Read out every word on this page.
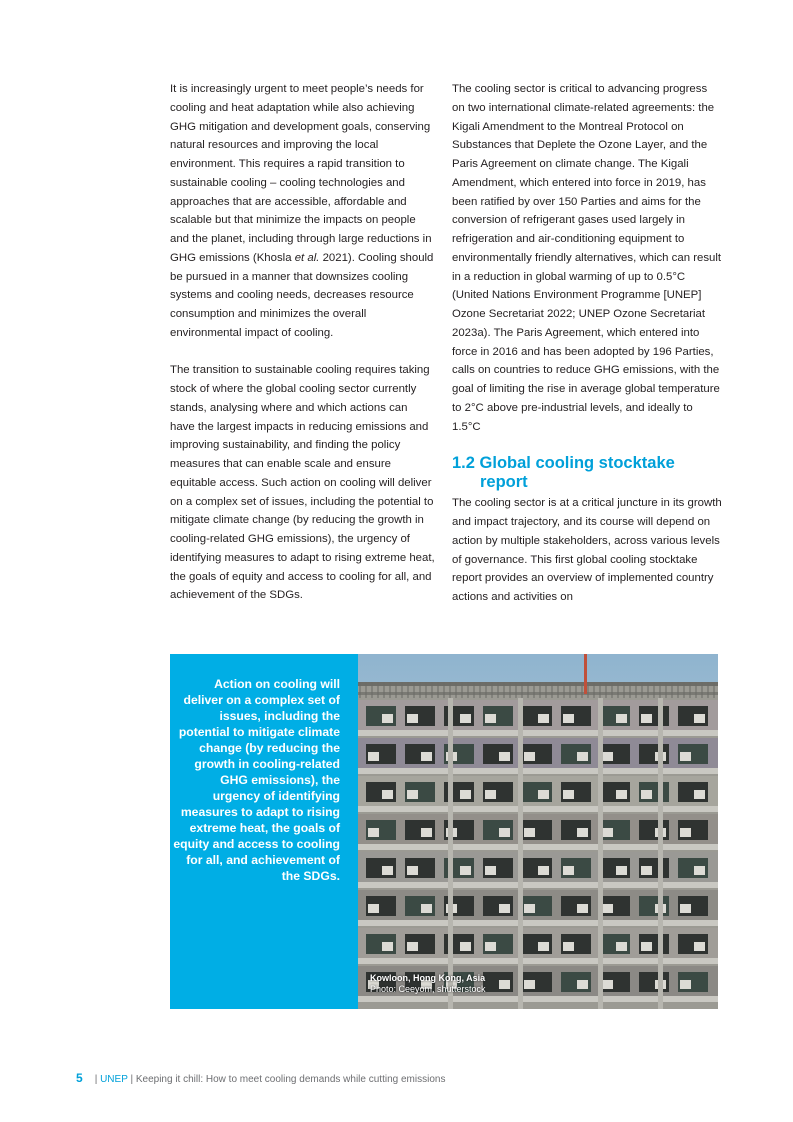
It is increasingly urgent to meet people’s needs for cooling and heat adaptation while also achieving GHG mitigation and development goals, conserving natural resources and improving the local environment. This requires a rapid transition to sustainable cooling – cooling technologies and approaches that are accessible, affordable and scalable but that minimize the impacts on people and the planet, including through large reductions in GHG emissions (Khosla et al. 2021). Cooling should be pursued in a manner that downsizes cooling systems and cooling needs, decreases resource consumption and minimizes the overall environmental impact of cooling.

The transition to sustainable cooling requires taking stock of where the global cooling sector currently stands, analysing where and which actions can have the largest impacts in reducing emissions and improving sustainability, and finding the policy measures that can enable scale and ensure equitable access. Such action on cooling will deliver on a complex set of issues, including the potential to mitigate climate change (by reducing the growth in cooling-related GHG emissions), the urgency of identifying measures to adapt to rising extreme heat, the goals of equity and access to cooling for all, and achievement of the SDGs.

The cooling sector is critical to advancing progress on two international climate-related agreements: the Kigali Amendment to the Montreal Protocol on Substances that Deplete the Ozone Layer, and the Paris Agreement on climate change. The Kigali Amendment, which entered into force in 2019, has been ratified by over 150 Parties and aims for the conversion of refrigerant gases used largely in refrigeration and air-conditioning equipment to environmentally friendly alternatives, which can result in a reduction in global warming of up to 0.5°C (United Nations Environment Programme [UNEP] Ozone Secretariat 2022; UNEP Ozone Secretariat 2023a). The Paris Agreement, which entered into force in 2016 and has been adopted by 196 Parties, calls on countries to reduce GHG emissions, with the goal of limiting the rise in average global temperature to 2°C above pre-industrial levels, and ideally to 1.5°C

1.2 Global cooling stocktake report

The cooling sector is at a critical juncture in its growth and impact trajectory, and its course will depend on action by multiple stakeholders, across various levels of governance. This first global cooling stocktake report provides an overview of implemented country actions and activities on

Action on cooling will deliver on a complex set of issues, including the potential to mitigate climate change (by reducing the growth in cooling-related GHG emissions), the urgency of identifying measures to adapt to rising extreme heat, the goals of equity and access to cooling for all, and achievement of the SDGs.
Kowloon, Hong Kong, Asia
Photo: Ceeyom, shutterstock
5 | UNEP | Keeping it chill: How to meet cooling demands while cutting emissions
